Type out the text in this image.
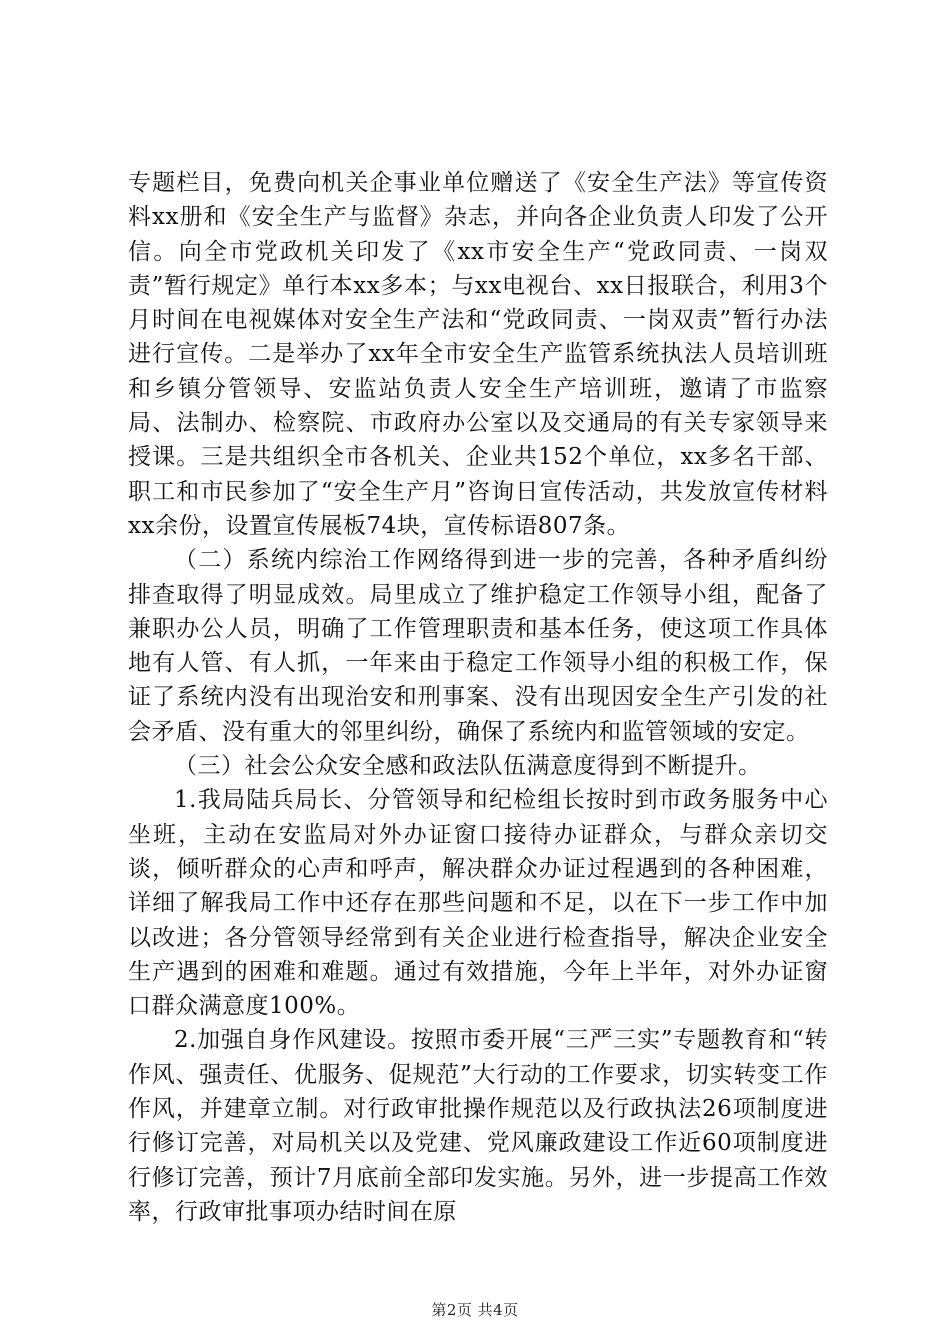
专题栏目，免费向机关企事业单位赠送了《安全生产法》等宣传资料xx册和《安全生产与监督》杂志，并向各企业负责人印发了公开信。向全市党政机关印发了《xx市安全生产“党政同责、一岗双责”暂行规定》单行本xx多本；与xx电视台、xx日报联合，利用3个月时间在电视媒体对安全生产法和“党政同责、一岗双责”暂行办法进行宣传。二是举办了xx年全市安全生产监管系统执法人员培训班和乡镇分管领导、安监站负责人安全生产培训班，邀请了市监察局、法制办、检察院、市政府办公室以及交通局的有关专家领导来授课。三是共组织全市各机关、企业共152个单位，xx多名干部、职工和市民参加了“安全生产月”咨询日宣传活动，共发放宣传材料xx余份，设置宣传展板74块，宣传标语807条。

（二）系统内综治工作网络得到进一步的完善，各种矛盾纠纷排查取得了明显成效。局里成立了维护稳定工作领导小组，配备了兼职办公人员，明确了工作管理职责和基本任务，使这项工作具体地有人管、有人抓，一年来由于稳定工作领导小组的积极工作，保证了系统内没有出现治安和刑事案、没有出现因安全生产引发的社会矛盾、没有重大的邻里纠纷，确保了系统内和监管领域的安定。

（三）社会公众安全感和政法队伍满意度得到不断提升。

1.我局陆兵局长、分管领导和纪检组长按时到市政务服务中心坐班，主动在安监局对外办证窗口接待办证群众，与群众亲切交谈，倾听群众的心声和呼声，解决群众办证过程遇到的各种困难，详细了解我局工作中还存在那些问题和不足，以在下一步工作中加以改进；各分管领导经常到有关企业进行检查指导，解决企业安全生产遇到的困难和难题。通过有效措施，今年上半年，对外办证窗口群众满意度100%。

2.加强自身作风建设。按照市委开展“三严三实”专题教育和“转作风、强责任、优服务、促规范”大行动的工作要求，切实转变工作作风，并建章立制。对行政审批操作规范以及行政执法26项制度进行修订完善，对局机关以及党建、党风廉政建设工作近60项制度进行修订完善，预计7月底前全部印发实施。另外，进一步提高工作效率，行政审批事项办结时间在原

第2页 共4页
